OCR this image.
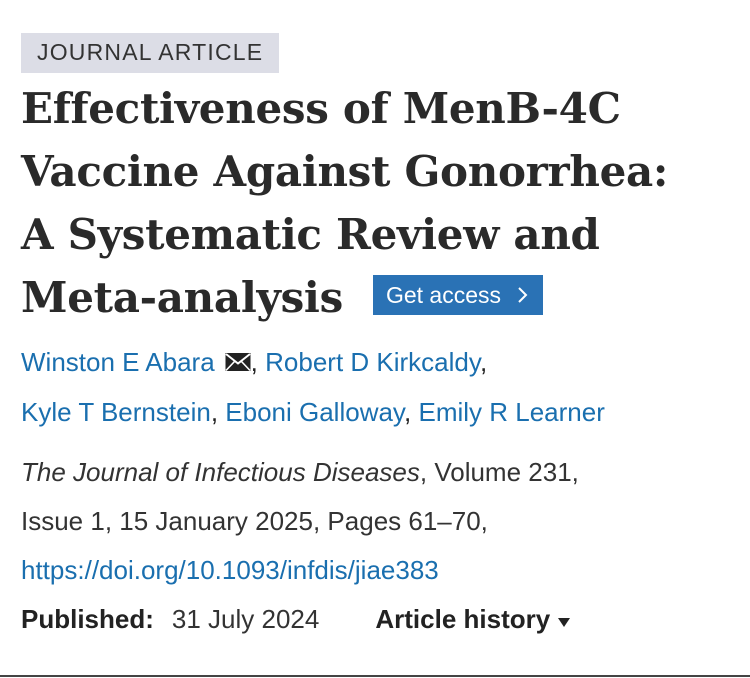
JOURNAL ARTICLE
Effectiveness of MenB-4C
Vaccine Against Gonorrhea:
A Systematic Review and
Meta-analysis Get access
Winston E Abara , Robert D Kirkcaldy,
Kyle T Bernstein, Eboni Galloway, Emily R Learner
The Journal of Infectious Diseases, Volume 231,
Issue 1, 15 January 2025, Pages 61–70,
https://doi.org/10.1093/infdis/jiae383
Published: 31 July 2024 Article history
